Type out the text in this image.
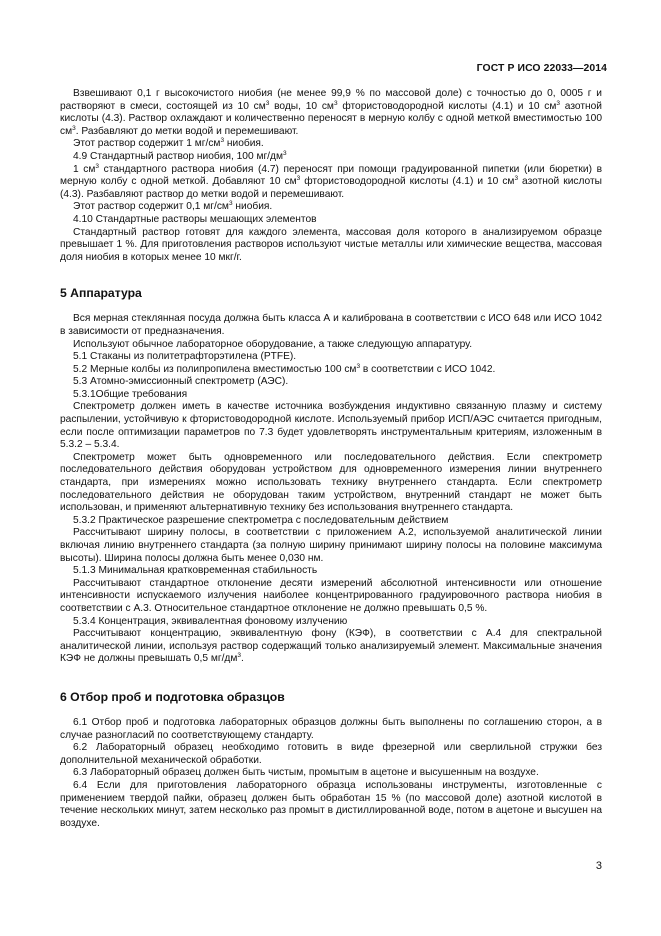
ГОСТ Р ИСО 22033—2014

Взвешивают 0,1 г высокочистого ниобия (не менее 99,9 % по массовой доле) с точностью до 0, 0005 г и растворяют в смеси, состоящей из 10 $см^3$ воды, 10 $см^3$ фтористоводородной кислоты (4.1) и 10 $см^3$ азотной кислоты (4.3). Раствор охлаждают и количественно переносят в мерную колбу с одной меткой вместимостью 100 $см^3$. Разбавляют до метки водой и перемешивают.

Этот раствор содержит 1 $мг/см^3$ ниобия.

4.9 Стандартный раствор ниобия, 100 $мг/дм^3$

1 $см^3$ стандартного раствора ниобия (4.7) переносят при помощи градуированной пипетки (или бюретки) в мерную колбу с одной меткой. Добавляют 10 $см^3$ фтористоводородной кислоты (4.1) и 10 $см^3$ азотной кислоты (4.3). Разбавляют раствор до метки водой и перемешивают.

Этот раствор содержит 0,1 $мг/см^3$ ниобия.

4.10 Стандартные растворы мешающих элементов

Стандартный раствор готовят для каждого элемента, массовая доля которого в анализируемом образце превышает 1 %. Для приготовления растворов используют чистые металлы или химические вещества, массовая доля ниобия в которых менее 10 мкг/г.

5 Аппаратура

Вся мерная стеклянная посуда должна быть класса А и калибрована в соответствии с ИСО 648 или ИСО 1042 в зависимости от предназначения.

Используют обычное лабораторное оборудование, а также следующую аппаратуру.

5.1 Стаканы из политетрафторэтилена (PTFE).

5.2 Мерные колбы из полипропилена вместимостью 100 $см^3$ в соответствии с ИСО 1042.

5.3 Атомно-эмиссионный спектрометр (АЭС).

5.3.1Общие требования

Спектрометр должен иметь в качестве источника возбуждения индуктивно связанную плазму и систему распылении, устойчивую к фтористоводородной кислоте. Используемый прибор ИСП/АЭС считается пригодным, если после оптимизации параметров по 7.3 будет удовлетворять инструментальным критериям, изложенным в 5.3.2 – 5.3.4.

Спектрометр может быть одновременного или последовательного действия. Если спектрометр последовательного действия оборудован устройством для одновременного измерения линии внутреннего стандарта, при измерениях можно использовать технику внутреннего стандарта. Если спектрометр последовательного действия не оборудован таким устройством, внутренний стандарт не может быть использован, и применяют альтернативную технику без использования внутреннего стандарта.

5.3.2 Практическое разрешение спектрометра с последовательным действием

Рассчитывают ширину полосы, в соответствии с приложением А.2, используемой аналитической линии включая линию внутреннего стандарта (за полную ширину принимают ширину полосы на половине максимума высоты). Ширина полосы должна быть менее 0,030 нм.

5.1.3 Минимальная кратковременная стабильность

Рассчитывают стандартное отклонение десяти измерений абсолютной интенсивности или отношение интенсивности испускаемого излучения наиболее концентрированного градуировочного раствора ниобия в соответствии с А.3. Относительное стандартное отклонение не должно превышать 0,5 %.

5.3.4 Концентрация, эквивалентная фоновому излучению

Рассчитывают концентрацию, эквивалентную фону (КЭФ), в соответствии с А.4 для спектральной аналитической линии, используя раствор содержащий только анализируемый элемент. Максимальные значения КЭФ не должны превышать 0,5 $мг/дм^3$.

6 Отбор проб и подготовка образцов

6.1 Отбор проб и подготовка лабораторных образцов должны быть выполнены по соглашению сторон, а в случае разногласий по соответствующему стандарту.

6.2 Лабораторный образец необходимо готовить в виде фрезерной или сверлильной стружки без дополнительной механической обработки.

6.3 Лабораторный образец должен быть чистым, промытым в ацетоне и высушенным на воздухе.

6.4 Если для приготовления лабораторного образца использованы инструменты, изготовленные с применением твердой пайки, образец должен быть обработан 15 % (по массовой доле) азотной кислотой в течение нескольких минут, затем несколько раз промыт в дистиллированной воде, потом в ацетоне и высушен на воздухе.

3
